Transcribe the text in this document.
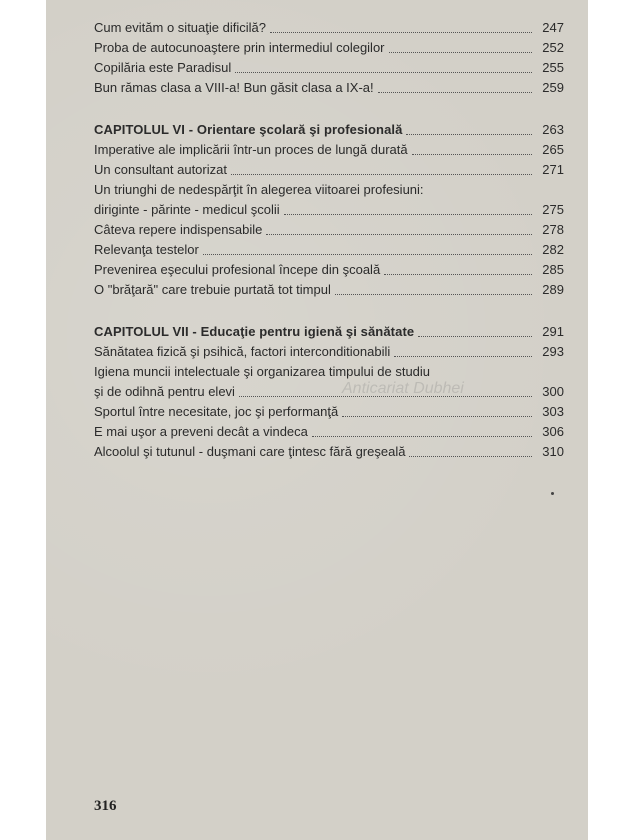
Cum evităm o situaţie dificilă?	247
Proba de autocunoaştere prin intermediul colegilor	252
Copilăria este Paradisul	255
Bun rămas clasa a VIII-a! Bun găsit clasa a IX-a!	259
CAPITOLUL VI - Orientare şcolară şi profesională	263
Imperative ale implicării într-un proces de lungă durată	265
Un consultant autorizat	271
Un triunghi de nedespărţit în alegerea viitoarei profesiuni:
diriginte - părinte - medicul şcolii	275
Câteva repere indispensabile	278
Relevanţa testelor	282
Prevenirea eşecului profesional începe din şcoală	285
O "brăţară" care trebuie purtată tot timpul	289
CAPITOLUL VII - Educaţie pentru igienă şi sănătate	291
Sănătatea fizică şi psihică, factori interconditionabili	293
Igiena muncii intelectuale şi organizarea timpului de studiu
şi de odihnă pentru elevi	300
Sportul între necesitate, joc şi performanţă	303
E mai uşor a preveni decât a vindeca	306
Alcoolul şi tutunul - duşmani care ţintesc fără greşeală	310
Anticariat Dubhei
316
